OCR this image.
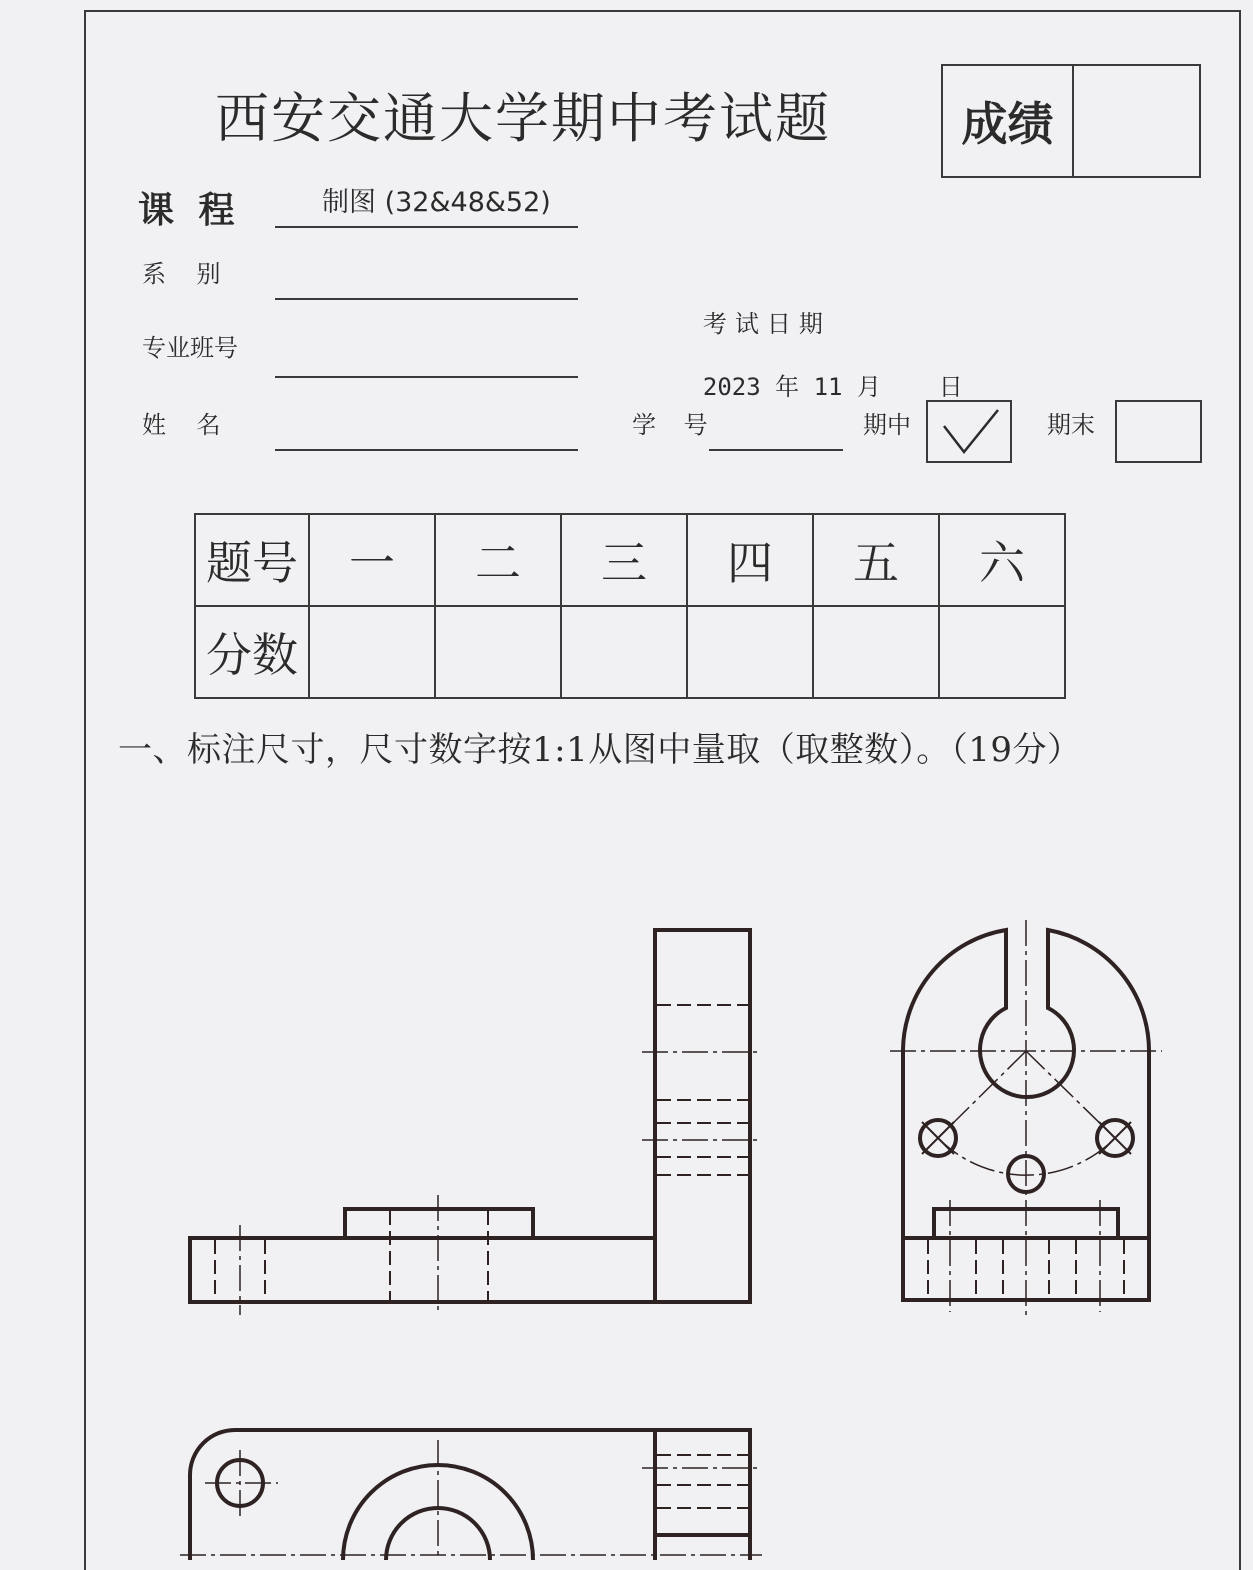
西安交通大学期中考试题	成绩
课 程	制图 (32&48&52)
系    别

考试日期

2023 年 11 月    日

专业班号
姓    名	学 号	期中	期末
题号	一	二	三	四	五	六
分数						
一、标注尺寸，尺寸数字按1:1从图中量取（取整数）。（19分）
